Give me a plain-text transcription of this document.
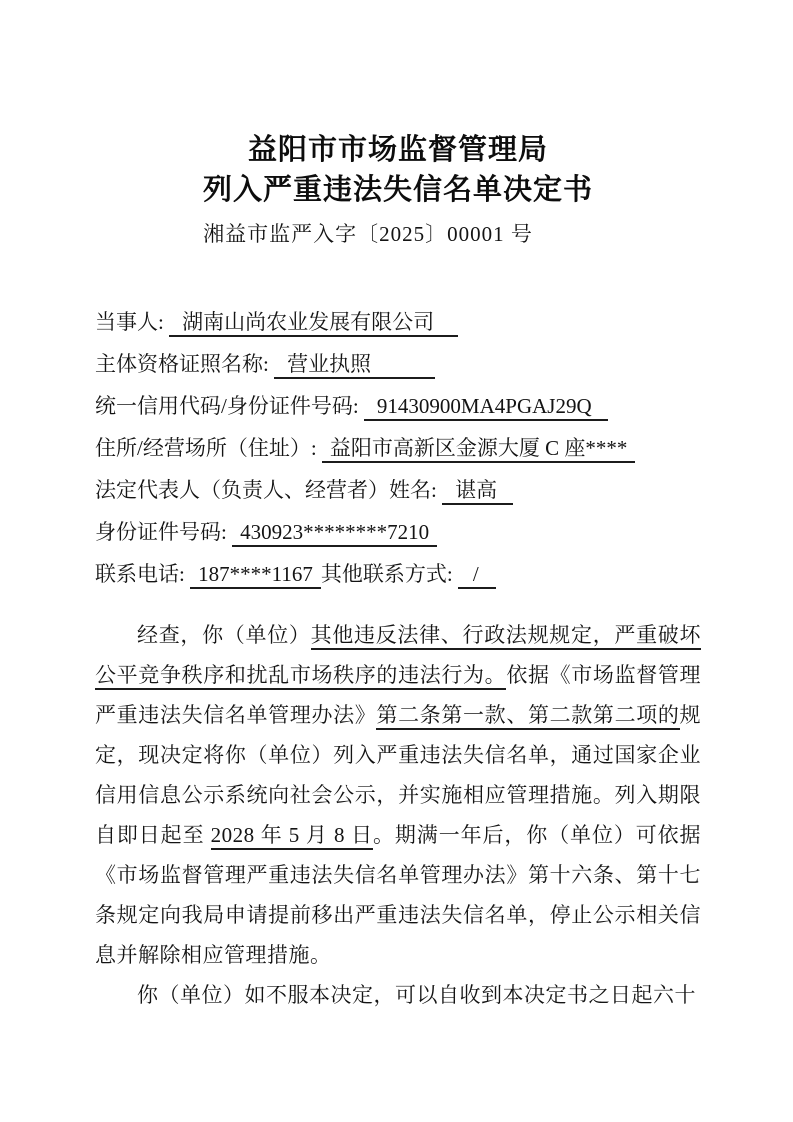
益阳市市场监督管理局
列入严重违法失信名单决定书
湘益市监严入字〔2025〕00001 号
当事人: 湖南山尚农业发展有限公司
主体资格证照名称: 营业执照
统一信用代码/身份证件号码: 91430900MA4PGAJ29Q
住所/经营场所（住址）: 益阳市高新区金源大厦 C 座****
法定代表人（负责人、经营者）姓名: 谌高
身份证件号码: 430923********7210
联系电话: 187****1167 其他联系方式: /

经查，你（单位）其他违反法律、行政法规规定，严重破坏公平竞争秩序和扰乱市场秩序的违法行为。依据《市场监督管理严重违法失信名单管理办法》第二条第一款、第二款第二项的规定，现决定将你（单位）列入严重违法失信名单，通过国家企业信用信息公示系统向社会公示，并实施相应管理措施。列入期限自即日起至 2028 年 5 月 8 日。期满一年后，你（单位）可依据《市场监督管理严重违法失信名单管理办法》第十六条、第十七条规定向我局申请提前移出严重违法失信名单，停止公示相关信息并解除相应管理措施。

你（单位）如不服本决定，可以自收到本决定书之日起六十
